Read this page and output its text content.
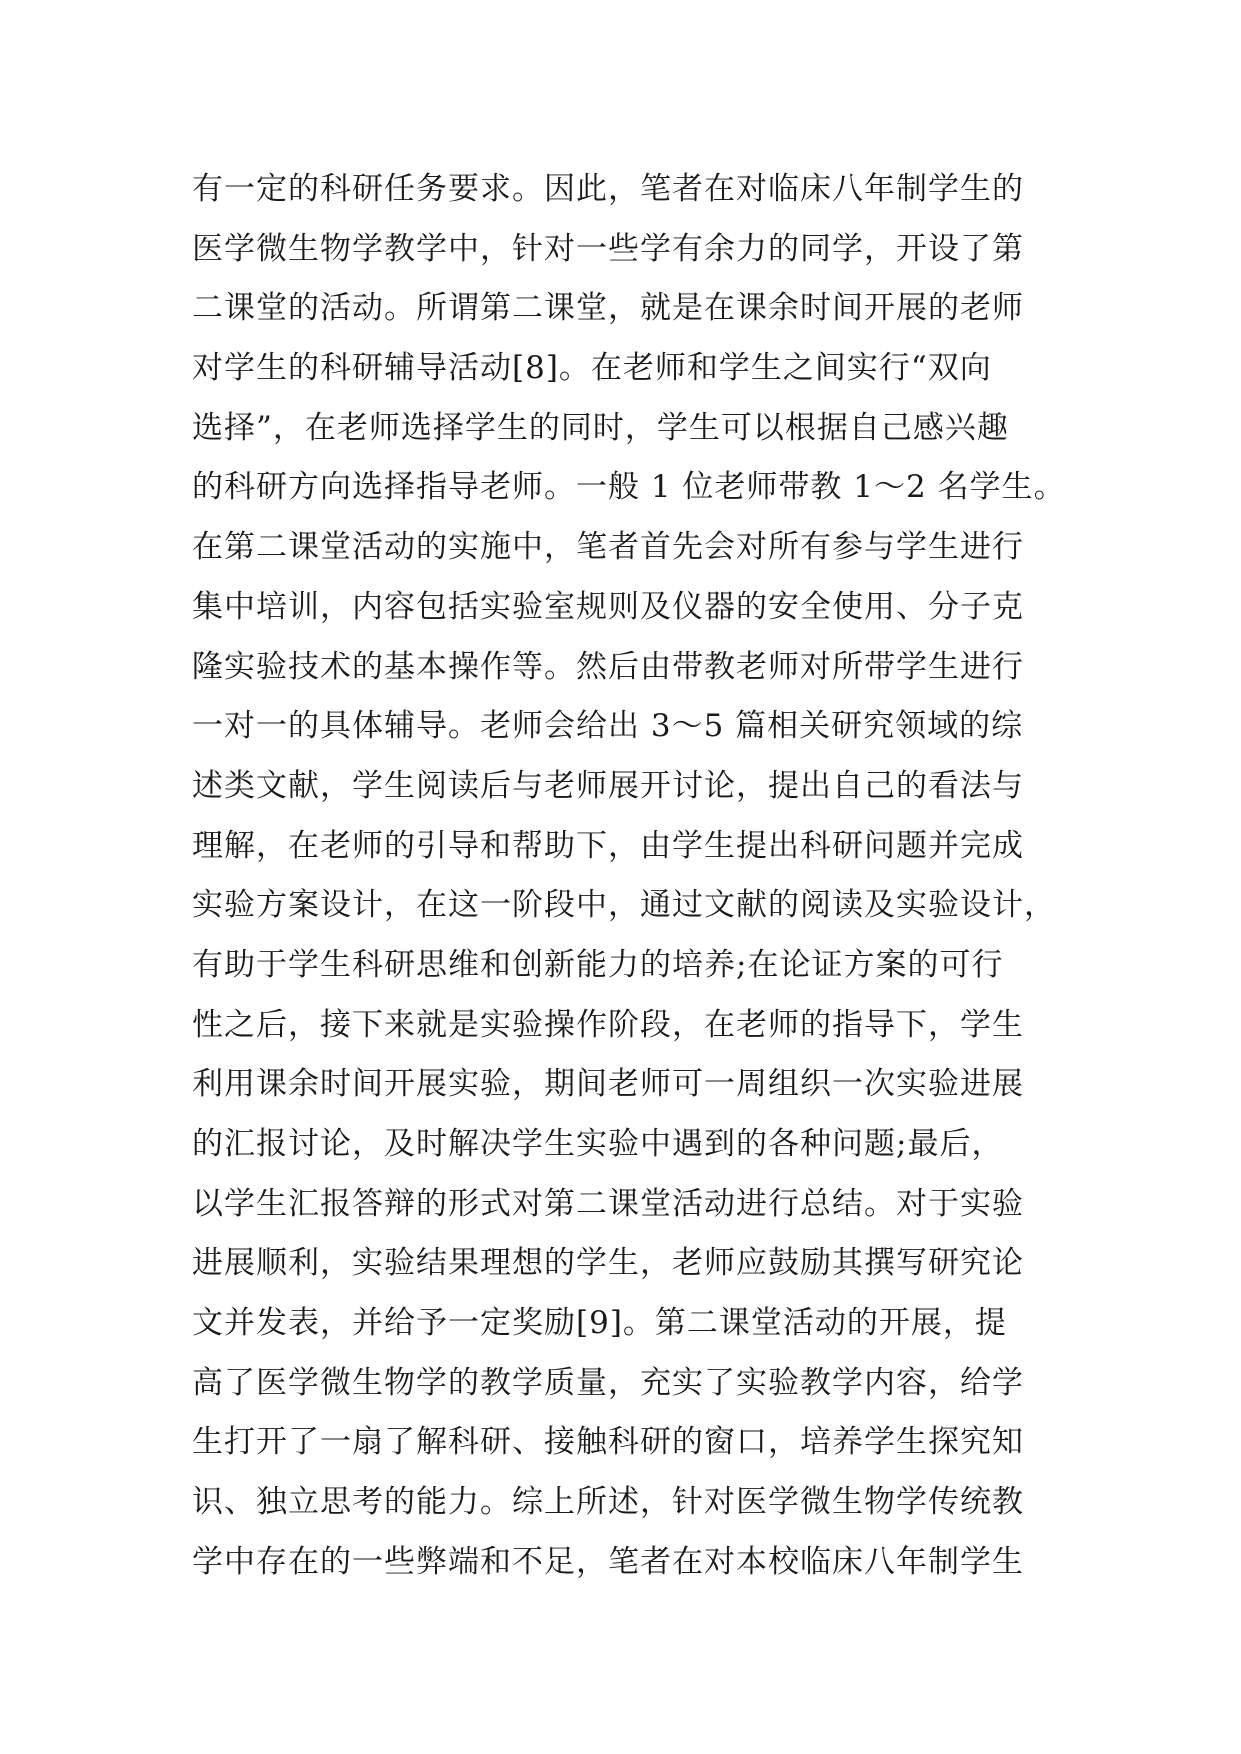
有一定的科研任务要求。因此，笔者在对临床八年制学生的
医学微生物学教学中，针对一些学有余力的同学，开设了第
二课堂的活动。所谓第二课堂，就是在课余时间开展的老师
对学生的科研辅导活动[8]。在老师和学生之间实行“双向
选择”，在老师选择学生的同时，学生可以根据自己感兴趣
的科研方向选择指导老师。一般 1 位老师带教 1～2 名学生。
在第二课堂活动的实施中，笔者首先会对所有参与学生进行
集中培训，内容包括实验室规则及仪器的安全使用、分子克
隆实验技术的基本操作等。然后由带教老师对所带学生进行
一对一的具体辅导。老师会给出 3～5 篇相关研究领域的综
述类文献，学生阅读后与老师展开讨论，提出自己的看法与
理解，在老师的引导和帮助下，由学生提出科研问题并完成
实验方案设计，在这一阶段中，通过文献的阅读及实验设计，
有助于学生科研思维和创新能力的培养;在论证方案的可行
性之后，接下来就是实验操作阶段，在老师的指导下，学生
利用课余时间开展实验，期间老师可一周组织一次实验进展
的汇报讨论，及时解决学生实验中遇到的各种问题;最后，
以学生汇报答辩的形式对第二课堂活动进行总结。对于实验
进展顺利，实验结果理想的学生，老师应鼓励其撰写研究论
文并发表，并给予一定奖励[9]。第二课堂活动的开展，提
高了医学微生物学的教学质量，充实了实验教学内容，给学
生打开了一扇了解科研、接触科研的窗口，培养学生探究知
识、独立思考的能力。综上所述，针对医学微生物学传统教
学中存在的一些弊端和不足，笔者在对本校临床八年制学生
